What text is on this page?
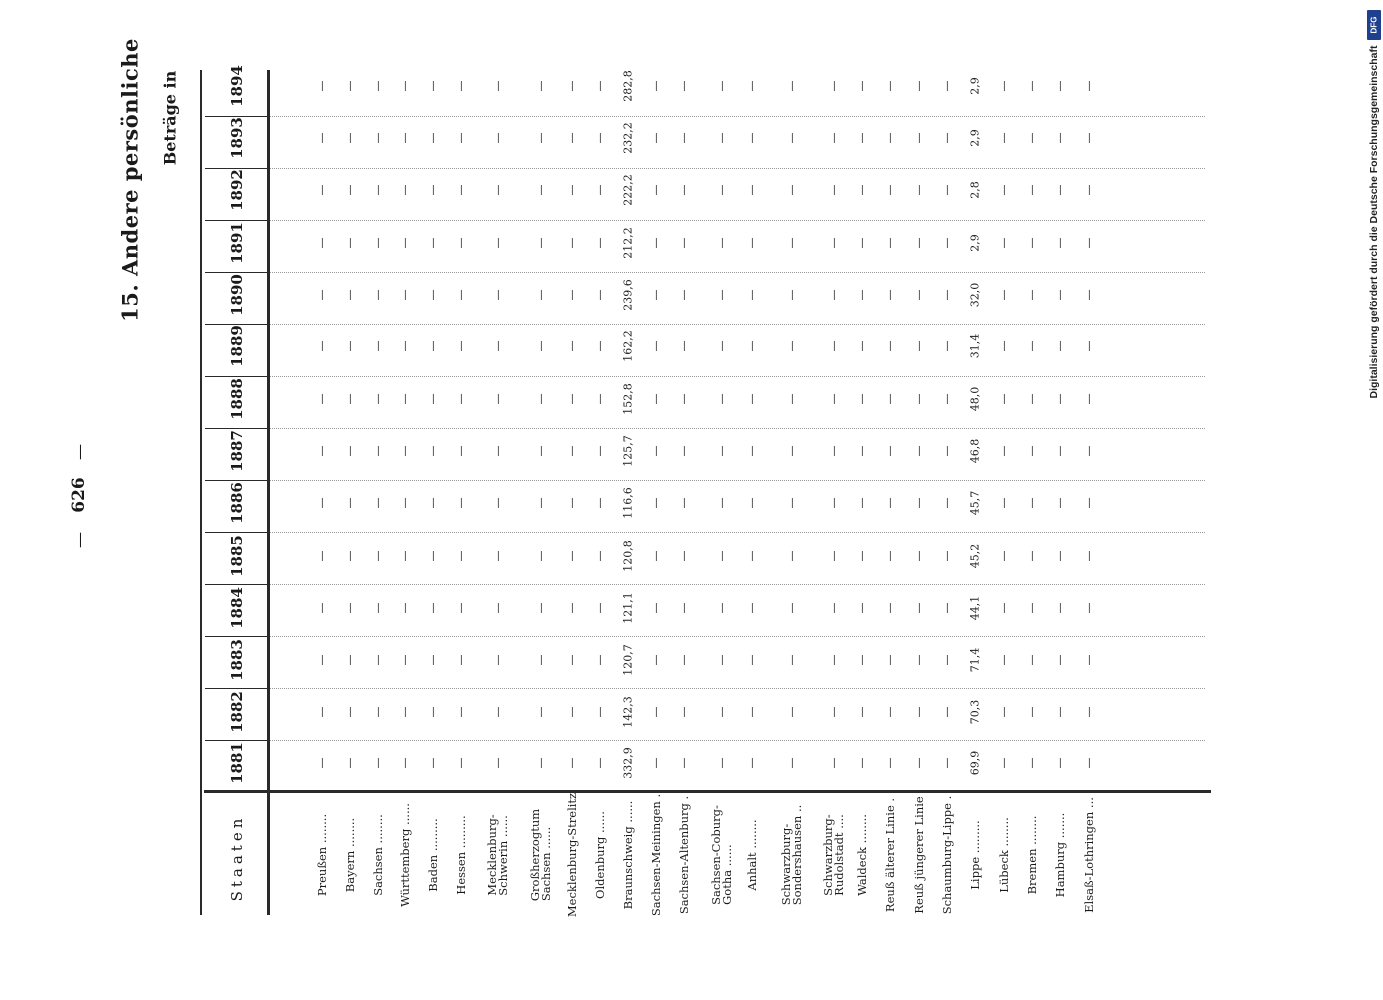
—
626
—
15. Andere persönliche Beträge in	Digitalisierung gefördert durch die Deutsche Forschungsgemeinschaft
DFG
1881
1882
1883
1884
1885
1886
1887
1888
1889
1890
1891
1892
1893
1894
Staaten	Preußen ........
—
—
—
—
—
—
—
—
—
—
—
—
—
—
Bayern ........
—
—
—
—
—
—
—
—
—
—
—
—
—
—
Sachsen ........
—
—
—
—
—
—
—
—
—
—
—
—
—
—
Württemberg ......
—
—
—
—
—
—
—
—
—
—
—
—
—
—
Baden .........
—
—
—
—
—
—
—
—
—
—
—
—
—
—
Hessen .........
—
—
—
—
—
—
—
—
—
—
—
—
—
—
Mecklenburg-
Schwerin ......
—
—
—
—
—
—
—
—
—
—
—
—
—
—
Großherzogtum
Sachsen ......
—
—
—
—
—
—
—
—
—
—
—
—
—
—
Mecklenburg-Strelitz
—
—
—
—
—
—
—
—
—
—
—
—
—
—
Oldenburg ......
—
—
—
—
—
—
—
—
—
—
—
—
—
—
Braunschweig ......
332,9
142,3
120,7
121,1
120,8
116,6
125,7
152,8
162,2
239,6
212,2
222,2
232,2
282,8
Sachsen-Meiningen .
—
—
—
—
—
—
—
—
—
—
—
—
—
—
Sachsen-Altenburg .
—
—
—
—
—
—
—
—
—
—
—
—
—
—
Sachsen-Coburg-
Gotha ......
—
—
—
—
—
—
—
—
—
—
—
—
—
—
Anhalt ........
—
—
—
—
—
—
—
—
—
—
—
—
—
—
Schwarzburg-
Sondershausen ..
—
—
—
—
—
—
—
—
—
—
—
—
—
—
Schwarzburg-
Rudolstadt ....
—
—
—
—
—
—
—
—
—
—
—
—
—
—
Waldeck ........
—
—
—
—
—
—
—
—
—
—
—
—
—
—
Reuß älterer Linie .
—
—
—
—
—
—
—
—
—
—
—
—
—
—
Reuß jüngerer Linie
—
—
—
—
—
—
—
—
—
—
—
—
—
—
Schaumburg-Lippe .
—
—
—
—
—
—
—
—
—
—
—
—
—
—
Lippe .........
69,9
70,3
71,4
44,1
45,2
45,7
46,8
48,0
31,4
32,0
2,9
2,8
2,9
2,9
Lübeck ........
—
—
—
—
—
—
—
—
—
—
—
—
—
—
Bremen ........
—
—
—
—
—
—
—
—
—
—
—
—
—
—
Hamburg .......
—
—
—
—
—
—
—
—
—
—
—
—
—
—
Elsaß-Lothringen ...
—
—
—
—
—
—
—
—
—
—
—
—
—
—
